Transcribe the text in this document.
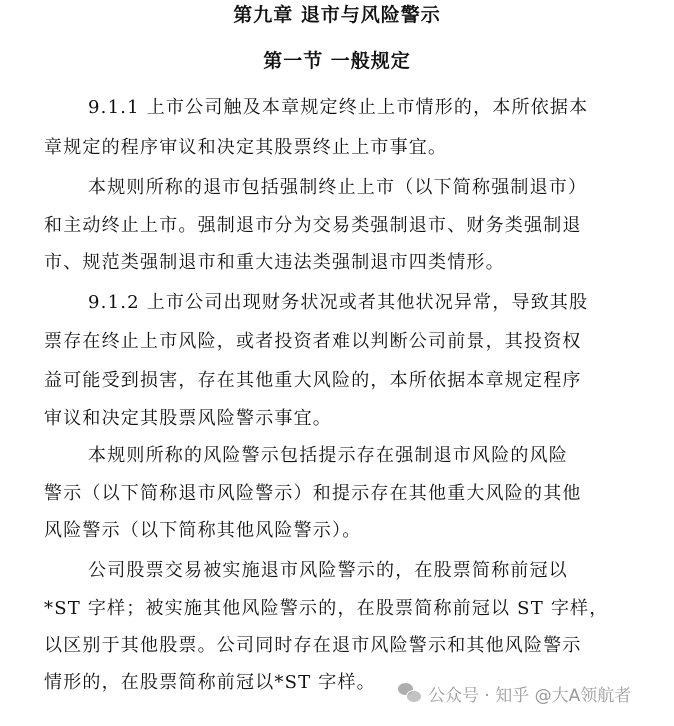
第九章 退市与风险警示
第一节 一般规定
9.1.1 上市公司触及本章规定终止上市情形的，本所依据本
章规定的程序审议和决定其股票终止上市事宜。
本规则所称的退市包括强制终止上市（以下简称强制退市）
和主动终止上市。强制退市分为交易类强制退市、财务类强制退
市、规范类强制退市和重大违法类强制退市四类情形。
9.1.2 上市公司出现财务状况或者其他状况异常，导致其股
票存在终止上市风险，或者投资者难以判断公司前景，其投资权
益可能受到损害，存在其他重大风险的，本所依据本章规定程序
审议和决定其股票风险警示事宜。
本规则所称的风险警示包括提示存在强制退市风险的风险
警示（以下简称退市风险警示）和提示存在其他重大风险的其他
风险警示（以下简称其他风险警示）。
公司股票交易被实施退市风险警示的，在股票简称前冠以
*ST 字样；被实施其他风险警示的，在股票简称前冠以 ST 字样，
以区别于其他股票。公司同时存在退市风险警示和其他风险警示
情形的，在股票简称前冠以*ST 字样。
公众号 · 知乎 @大A领航者
